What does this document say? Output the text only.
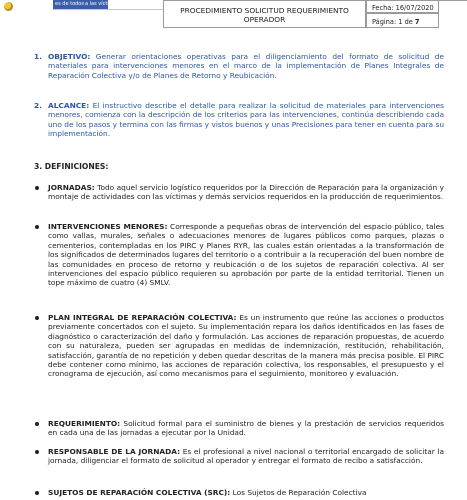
es de todos a las víctimas
PROCEDIMIENTO SOLICITUD REQUERIMIENTO OPERADOR
Fecha: 16/07/2020
Página: 1 de 7
1. OBJETIVO: Generar orientaciones operativas para el diligenciamiento del formato de solicitud de materiales para intervenciones menores en el marco de la implementación de Planes Integrales de Reparación Colectiva y/o de Planes de Retorno y Reubicación.
2. ALCANCE: El instructivo describe el detalle para realizar la solicitud de materiales para intervenciones menores, comienza con la descripción de los criterios para las intervenciones, continúa describiendo cada uno de los pasos y termina con las firmas y vistos buenos y unas Precisiones para tener en cuenta para su implementación.
3. DEFINICIONES:
JORNADAS: Todo aquel servicio logístico requeridos por la Dirección de Reparación para la organización y montaje de actividades con las víctimas y demás servicios requeridos en la producción de requerimientos.
INTERVENCIONES MENORES: Corresponde a pequeñas obras de intervención del espacio público, tales como vallas, murales, señales o adecuaciones menores de lugares públicos como parques, plazas o cementerios, contempladas en los PIRC y Planes RYR, las cuales están orientadas a la transformación de los significados de determinados lugares del territorio o a contribuir a la recuperación del buen nombre de las comunidades en proceso de retorno y reubicación o de los sujetos de reparación colectiva. Al ser intervenciones del espacio público requieren su aprobación por parte de la entidad territorial. Tienen un tope máximo de cuatro (4) SMLV.
PLAN INTEGRAL DE REPARACIÓN COLECTIVA: Es un instrumento que reúne las acciones o productos previamente concertados con el sujeto. Su implementación repara los daños identificados en las fases de diagnóstico o caracterización del daño y formulación. Las acciones de reparación propuestas, de acuerdo con su naturaleza, pueden ser agrupadas en medidas de indemnización, restitución, rehabilitación, satisfacción, garantía de no repetición y deben quedar descritas de la manera más precisa posible. El PIRC debe contener como mínimo, las acciones de reparación colectiva, los responsables, el presupuesto y el cronograma de ejecución, así como mecanismos para el seguimiento, monitoreo y evaluación.
REQUERIMIENTO: Solicitud formal para el suministro de bienes y la prestación de servicios requeridos en cada una de las jornadas a ejecutar por la Unidad.
RESPONSABLE DE LA JORNADA: Es el profesional a nivel nacional o territorial encargado de solicitar la jornada, diligenciar el formato de solicitud al operador y entregar el formato de recibo a satisfacción.
SUJETOS DE REPARACIÓN COLECTIVA (SRC): Los Sujetos de Reparación Colectiva
